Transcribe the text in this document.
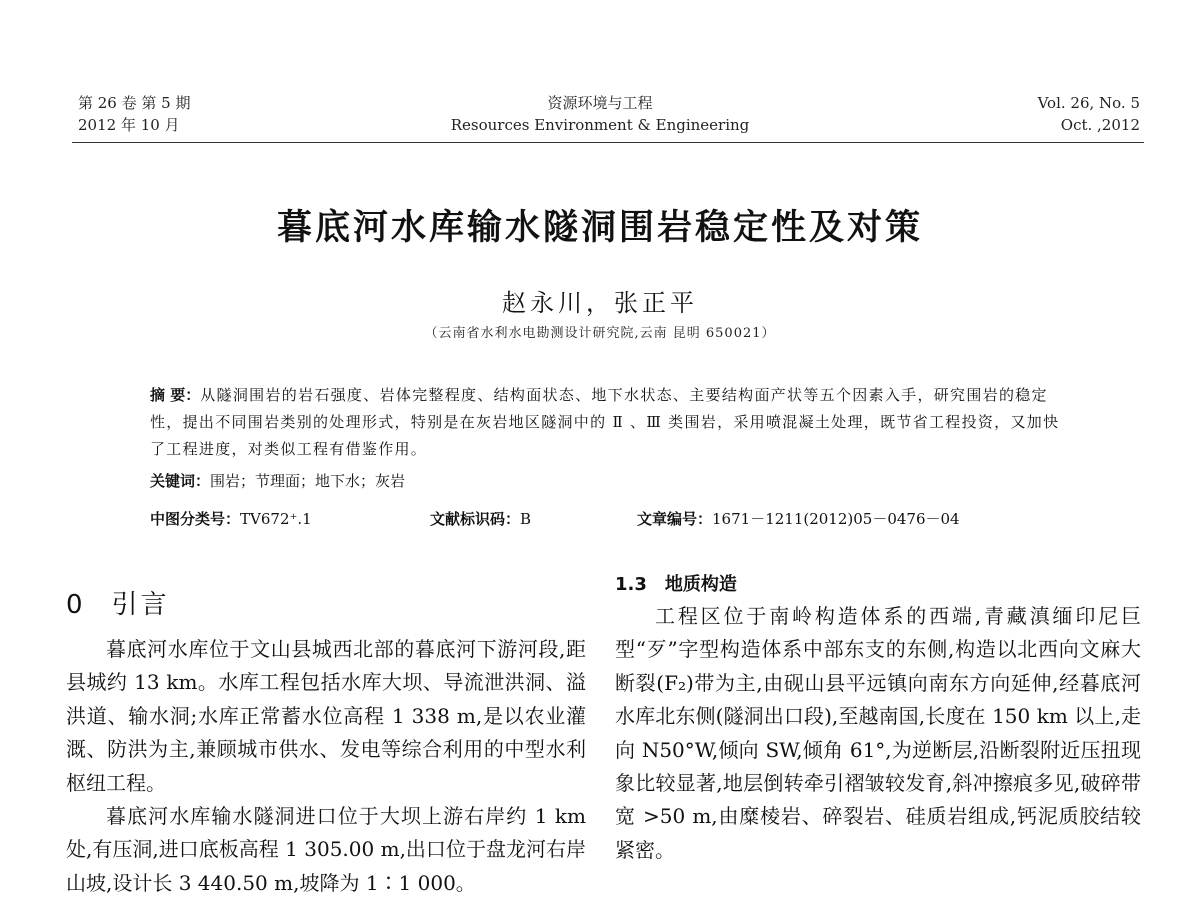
第 26 卷 第 5 期
2012 年 10 月
资源环境与工程
Resources Environment & Engineering
Vol. 26, No. 5
Oct. ,2012
暮底河水库输水隧洞围岩稳定性及对策
赵永川，张正平
（云南省水利水电勘测设计研究院,云南 昆明 650021）
摘 要：从隧洞围岩的岩石强度、岩体完整程度、结构面状态、地下水状态、主要结构面产状等五个因素入手，研究围岩的稳定性，提出不同围岩类别的处理形式，特别是在灰岩地区隧洞中的 Ⅱ 、Ⅲ 类围岩，采用喷混凝土处理，既节省工程投资，又加快了工程进度，对类似工程有借鉴作用。
关键词：围岩；节理面；地下水；灰岩
中图分类号：TV672⁺.1	文献标识码：B	文章编号：1671－1211(2012)05－0476－04
0 引言

暮底河水库位于文山县城西北部的暮底河下游河段,距县城约 13 km。水库工程包括水库大坝、导流泄洪洞、溢洪道、输水洞;水库正常蓄水位高程 1 338 m,是以农业灌溉、防洪为主,兼顾城市供水、发电等综合利用的中型水利枢纽工程。

暮底河水库输水隧洞进口位于大坝上游右岸约 1 km处,有压洞,进口底板高程 1 305.00 m,出口位于盘龙河右岸山坡,设计长 3 440.50 m,坡降为 1∶1 000。

1.3 地质构造

工程区位于南岭构造体系的西端,青藏滇缅印尼巨型“歹”字型构造体系中部东支的东侧,构造以北西向文麻大断裂(F₂)带为主,由砚山县平远镇向南东方向延伸,经暮底河水库北东侧(隧洞出口段),至越南国,长度在 150 km 以上,走向 N50°W,倾向 SW,倾角 61°,为逆断层,沿断裂附近压扭现象比较显著,地层倒转牵引褶皱较发育,斜冲擦痕多见,破碎带宽 >50 m,由糜棱岩、碎裂岩、硅质岩组成,钙泥质胶结较紧密。
